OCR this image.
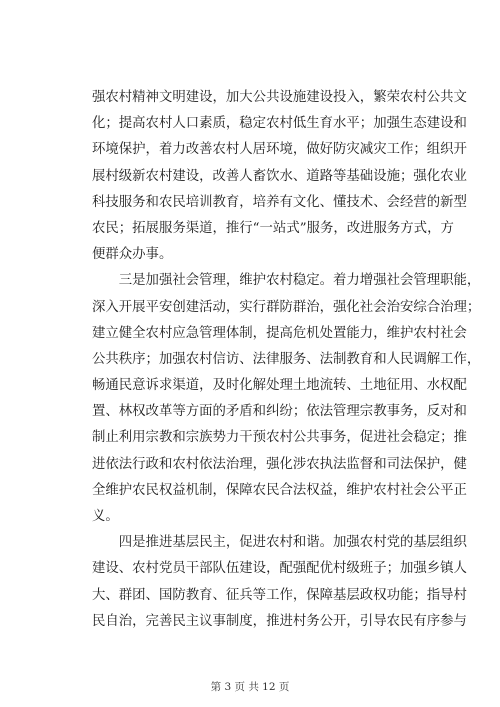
强农村精神文明建设，加大公共设施建设投入，繁荣农村公共文
化；提高农村人口素质，稳定农村低生育水平；加强生态建设和
环境保护，着力改善农村人居环境，做好防灾减灾工作；组织开
展村级新农村建设，改善人畜饮水、道路等基础设施；强化农业
科技服务和农民培训教育，培养有文化、懂技术、会经营的新型
农民；拓展服务渠道，推行“一站式”服务，改进服务方式，方
便群众办事。
　　三是加强社会管理，维护农村稳定。着力增强社会管理职能，
深入开展平安创建活动，实行群防群治，强化社会治安综合治理；
建立健全农村应急管理体制，提高危机处置能力，维护农村社会
公共秩序；加强农村信访、法律服务、法制教育和人民调解工作，
畅通民意诉求渠道，及时化解处理土地流转、土地征用、水权配
置、林权改革等方面的矛盾和纠纷；依法管理宗教事务，反对和
制止利用宗教和宗族势力干预农村公共事务，促进社会稳定；推
进依法行政和农村依法治理，强化涉农执法监督和司法保护，健
全维护农民权益机制，保障农民合法权益，维护农村社会公平正
义。
　　四是推进基层民主，促进农村和谐。加强农村党的基层组织
建设、农村党员干部队伍建设，配强配优村级班子；加强乡镇人
大、群团、国防教育、征兵等工作，保障基层政权功能；指导村
民自治，完善民主议事制度，推进村务公开，引导农民有序参与
第 3 页 共 12 页
